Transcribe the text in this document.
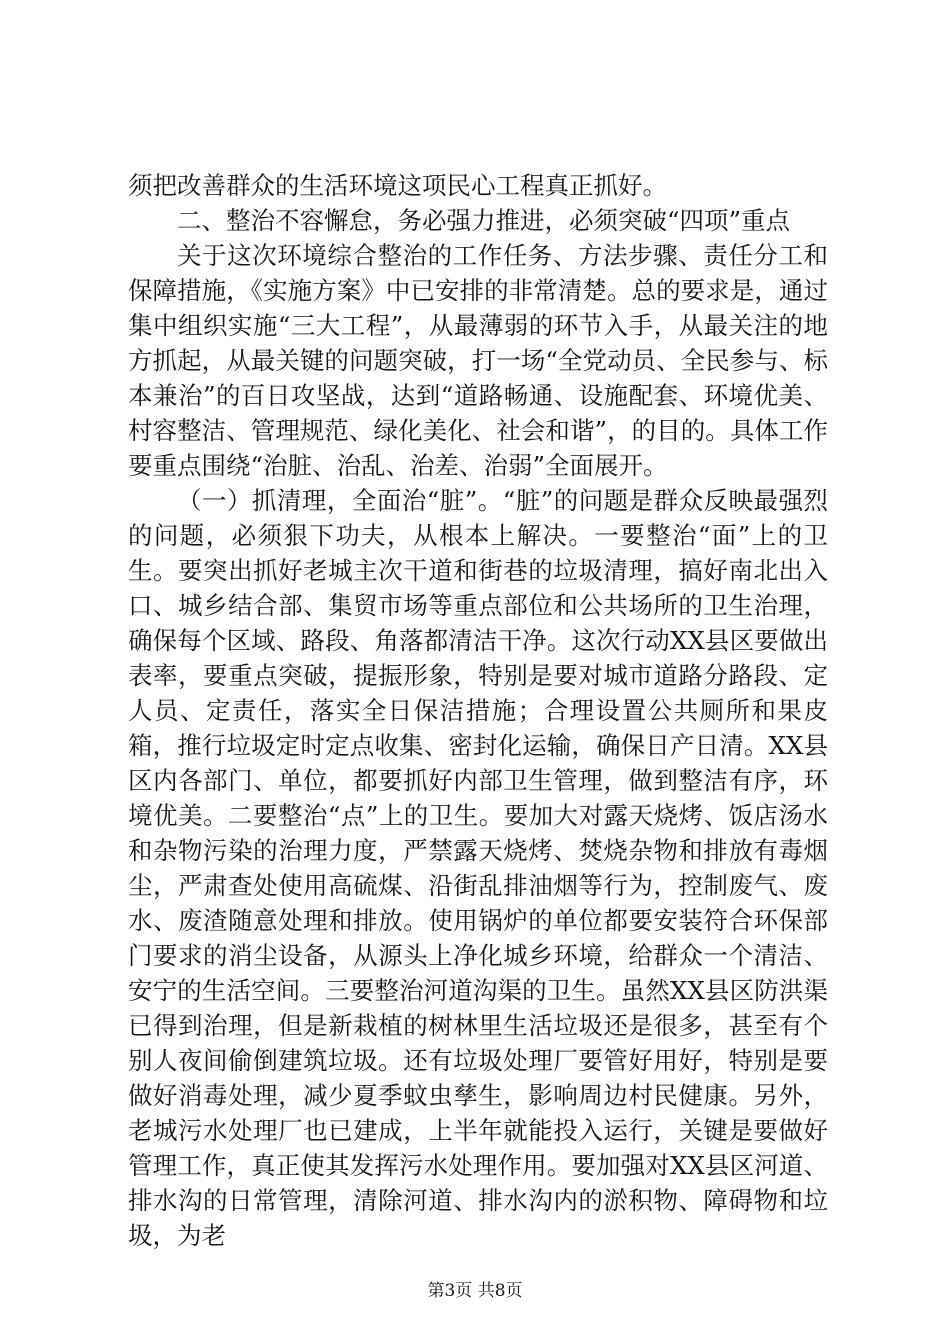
须把改善群众的生活环境这项民心工程真正抓好。

二、整治不容懈怠，务必强力推进，必须突破“四项”重点

关于这次环境综合整治的工作任务、方法步骤、责任分工和保障措施，《实施方案》中已安排的非常清楚。总的要求是，通过集中组织实施“三大工程”，从最薄弱的环节入手，从最关注的地方抓起，从最关键的问题突破，打一场“全党动员、全民参与、标本兼治”的百日攻坚战，达到“道路畅通、设施配套、环境优美、村容整洁、管理规范、绿化美化、社会和谐”，的目的。具体工作要重点围绕“治脏、治乱、治差、治弱”全面展开。

（一）抓清理，全面治“脏”。“脏”的问题是群众反映最强烈的问题，必须狠下功夫，从根本上解决。一要整治“面”上的卫生。要突出抓好老城主次干道和街巷的垃圾清理，搞好南北出入口、城乡结合部、集贸市场等重点部位和公共场所的卫生治理，确保每个区域、路段、角落都清洁干净。这次行动XX县区要做出表率，要重点突破，提振形象，特别是要对城市道路分路段、定人员、定责任，落实全日保洁措施；合理设置公共厕所和果皮箱，推行垃圾定时定点收集、密封化运输，确保日产日清。XX县区内各部门、单位，都要抓好内部卫生管理，做到整洁有序，环境优美。二要整治“点”上的卫生。要加大对露天烧烤、饭店汤水和杂物污染的治理力度，严禁露天烧烤、焚烧杂物和排放有毒烟尘，严肃查处使用高硫煤、沿街乱排油烟等行为，控制废气、废水、废渣随意处理和排放。使用锅炉的单位都要安装符合环保部门要求的消尘设备，从源头上净化城乡环境，给群众一个清洁、安宁的生活空间。三要整治河道沟渠的卫生。虽然XX县区防洪渠已得到治理，但是新栽植的树林里生活垃圾还是很多，甚至有个别人夜间偷倒建筑垃圾。还有垃圾处理厂要管好用好，特别是要做好消毒处理，减少夏季蚊虫孳生，影响周边村民健康。另外，老城污水处理厂也已建成，上半年就能投入运行，关键是要做好管理工作，真正使其发挥污水处理作用。要加强对XX县区河道、排水沟的日常管理，清除河道、排水沟内的淤积物、障碍物和垃圾，为老

第3页 共8页
